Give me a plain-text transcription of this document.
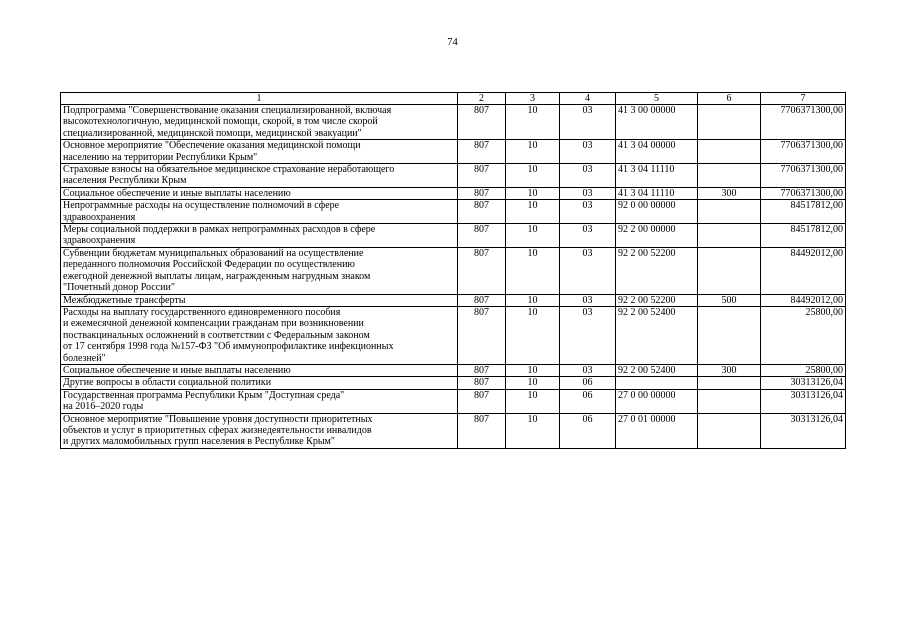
74
1	2	3	4	5	6	7
Подпрограмма "Совершенствование оказания специализированной, включая
высокотехнологичную, медицинской помощи, скорой, в том числе скорой
специализированной, медицинской помощи, медицинской эвакуации"	807	10	03	41 3 00 00000		7706371300,00
Основное мероприятие "Обеспечение оказания медицинской помощи
населению на территории Республики Крым"	807	10	03	41 3 04 00000		7706371300,00
Страховые взносы на обязательное медицинское страхование неработающего
населения Республики Крым	807	10	03	41 3 04 11110		7706371300,00
Социальное обеспечение и иные выплаты населению	807	10	03	41 3 04 11110	300	7706371300,00
Непрограммные расходы на осуществление полномочий в сфере
здравоохранения	807	10	03	92 0 00 00000		84517812,00
Меры социальной поддержки в рамках непрограммных расходов в сфере
здравоохранения	807	10	03	92 2 00 00000		84517812,00
Субвенции бюджетам муниципальных образований на осуществление
переданного полномочия Российской Федерации по осуществлению
ежегодной денежной выплаты лицам, награжденным нагрудным знаком
"Почетный донор России"	807	10	03	92 2 00 52200		84492012,00
Межбюджетные трансферты	807	10	03	92 2 00 52200	500	84492012,00
Расходы на выплату государственного единовременного пособия
и ежемесячной денежной компенсации гражданам при возникновении
поствакцинальных осложнений в соответствии с Федеральным законом
от 17 сентября 1998 года №157-ФЗ "Об иммунопрофилактике инфекционных
болезней"	807	10	03	92 2 00 52400		25800,00
Социальное обеспечение и иные выплаты населению	807	10	03	92 2 00 52400	300	25800,00
Другие вопросы в области социальной политики	807	10	06			30313126,04
Государственная программа Республики Крым "Доступная среда"
на 2016–2020 годы	807	10	06	27 0 00 00000		30313126,04
Основное мероприятие "Повышение уровня доступности приоритетных
объектов и услуг в приоритетных сферах жизнедеятельности инвалидов
и других маломобильных групп населения в Республике Крым"	807	10	06	27 0 01 00000		30313126,04
